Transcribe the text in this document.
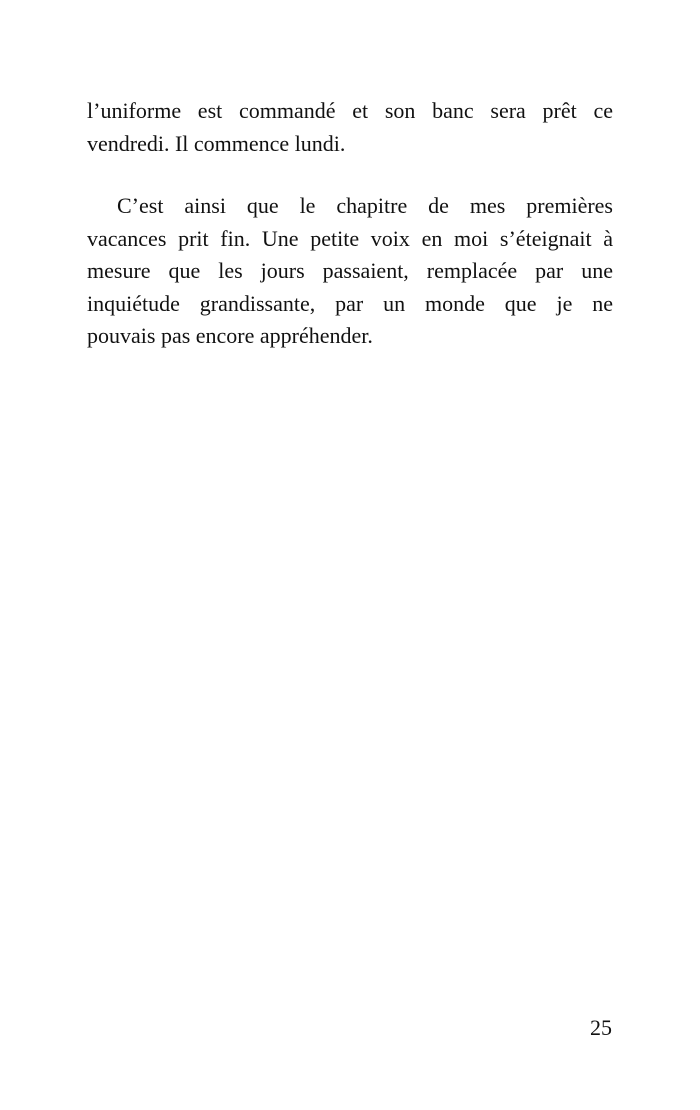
l’uniforme est commandé et son banc sera prêt ce
vendredi. Il commence lundi.
C’est ainsi que le chapitre de mes premières
vacances prit fin. Une petite voix en moi s’éteignait à
mesure que les jours passaient, remplacée par une
inquiétude grandissante, par un monde que je ne
pouvais pas encore appréhender.
25
